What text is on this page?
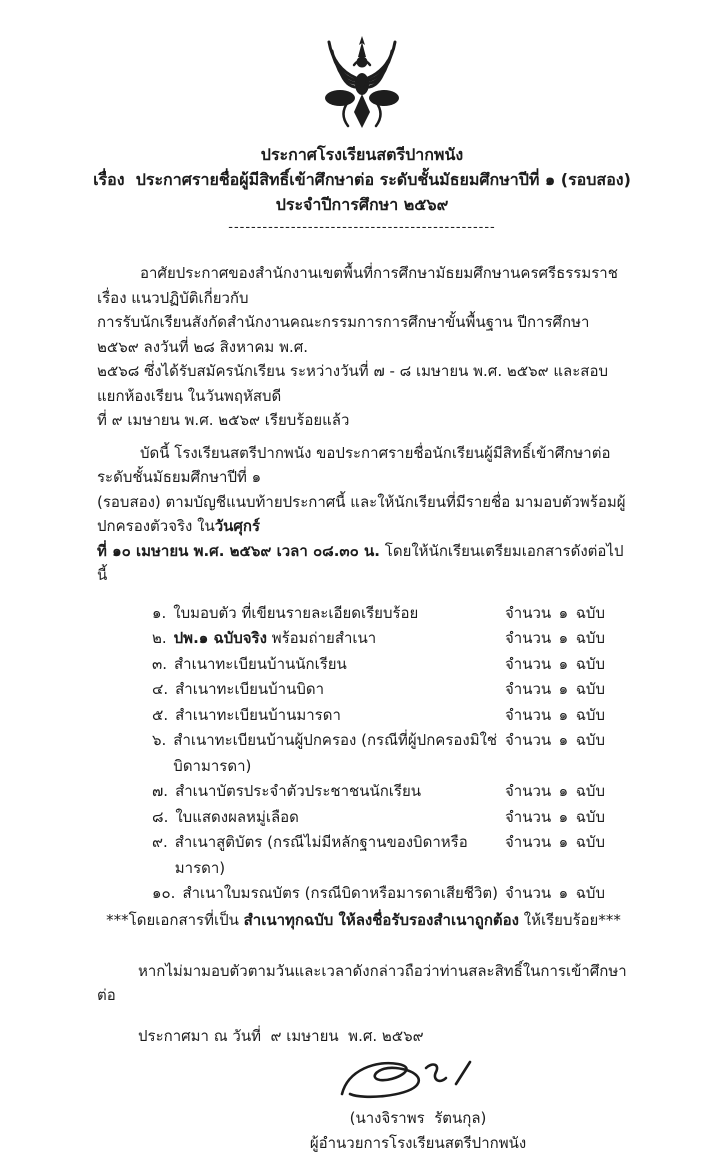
ประกาศโรงเรียนสตรีปากพนัง
เรื่อง  ประกาศรายชื่อผู้มีสิทธิ์เข้าศึกษาต่อ ระดับชั้นมัธยมศึกษาปีที่ ๑ (รอบสอง)
ประจำปีการศึกษา ๒๕๖๙
-----------------------------------------------
อาศัยประกาศของสำนักงานเขตพื้นที่การศึกษามัธยมศึกษานครศรีธรรมราช เรื่อง แนวปฏิบัติเกี่ยวกับ
การรับนักเรียนสังกัดสำนักงานคณะกรรมการการศึกษาขั้นพื้นฐาน ปีการศึกษา ๒๕๖๙ ลงวันที่ ๒๘ สิงหาคม พ.ศ.
๒๕๖๘ ซึ่งได้รับสมัครนักเรียน ระหว่างวันที่ ๗ - ๘ เมษายน พ.ศ. ๒๕๖๙ และสอบแยกห้องเรียน ในวันพฤหัสบดี
ที่ ๙ เมษายน พ.ศ. ๒๕๖๙ เรียบร้อยแล้ว
บัดนี้ โรงเรียนสตรีปากพนัง ขอประกาศรายชื่อนักเรียนผู้มีสิทธิ์เข้าศึกษาต่อ ระดับชั้นมัธยมศึกษาปีที่ ๑
(รอบสอง) ตามบัญชีแนบท้ายประกาศนี้ และให้นักเรียนที่มีรายชื่อ มามอบตัวพร้อมผู้ปกครองตัวจริง ในวันศุกร์
ที่ ๑๐ เมษายน พ.ศ. ๒๕๖๙ เวลา ๐๘.๓๐ น. โดยให้นักเรียนเตรียมเอกสารดังต่อไปนี้
๑. ใบมอบตัว ที่เขียนรายละเอียดเรียบร้อย	จำนวน ๑ ฉบับ
๒. ปพ.๑ ฉบับจริง พร้อมถ่ายสำเนา	จำนวน ๑ ฉบับ
๓. สำเนาทะเบียนบ้านนักเรียน	จำนวน ๑ ฉบับ
๔. สำเนาทะเบียนบ้านบิดา	จำนวน ๑ ฉบับ
๕. สำเนาทะเบียนบ้านมารดา	จำนวน ๑ ฉบับ
๖. สำเนาทะเบียนบ้านผู้ปกครอง (กรณีที่ผู้ปกครองมิใช่บิดามารดา)
จำนวน ๑ ฉบับ
๗. สำเนาบัตรประจำตัวประชาชนนักเรียน	จำนวน ๑ ฉบับ
๘. ใบแสดงผลหมู่เลือด	จำนวน ๑ ฉบับ
๙. สำเนาสูติบัตร (กรณีไม่มีหลักฐานของบิดาหรือมารดา)
จำนวน ๑ ฉบับ
๑๐. สำเนาใบมรณบัตร (กรณีบิดาหรือมารดาเสียชีวิต) จำนวน ๑ ฉบับ
***โดยเอกสารที่เป็น สำเนาทุกฉบับ ให้ลงชื่อรับรองสำเนาถูกต้อง ให้เรียบร้อย***
หากไม่มามอบตัวตามวันและเวลาดังกล่าวถือว่าท่านสละสิทธิ์ในการเข้าศึกษาต่อ
ประกาศมา ณ วันที่  ๙ เมษายน  พ.ศ. ๒๕๖๙
(นางจิราพร  รัตนกุล)
ผู้อำนวยการโรงเรียนสตรีปากพนัง
